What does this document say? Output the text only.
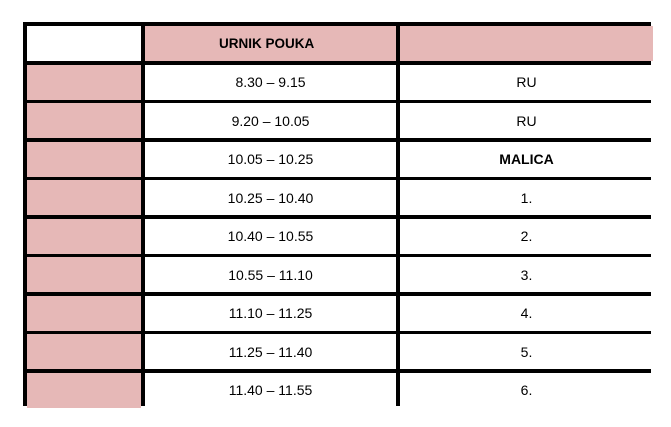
URNIK POUKA
8.30 – 9.15	RU
9.20 – 10.05	RU
10.05 – 10.25	MALICA
10.25 – 10.40	1.
10.40 – 10.55	2.
10.55 – 11.10	3.
11.10 – 11.25	4.
11.25 – 11.40	5.
11.40 – 11.55	6.
